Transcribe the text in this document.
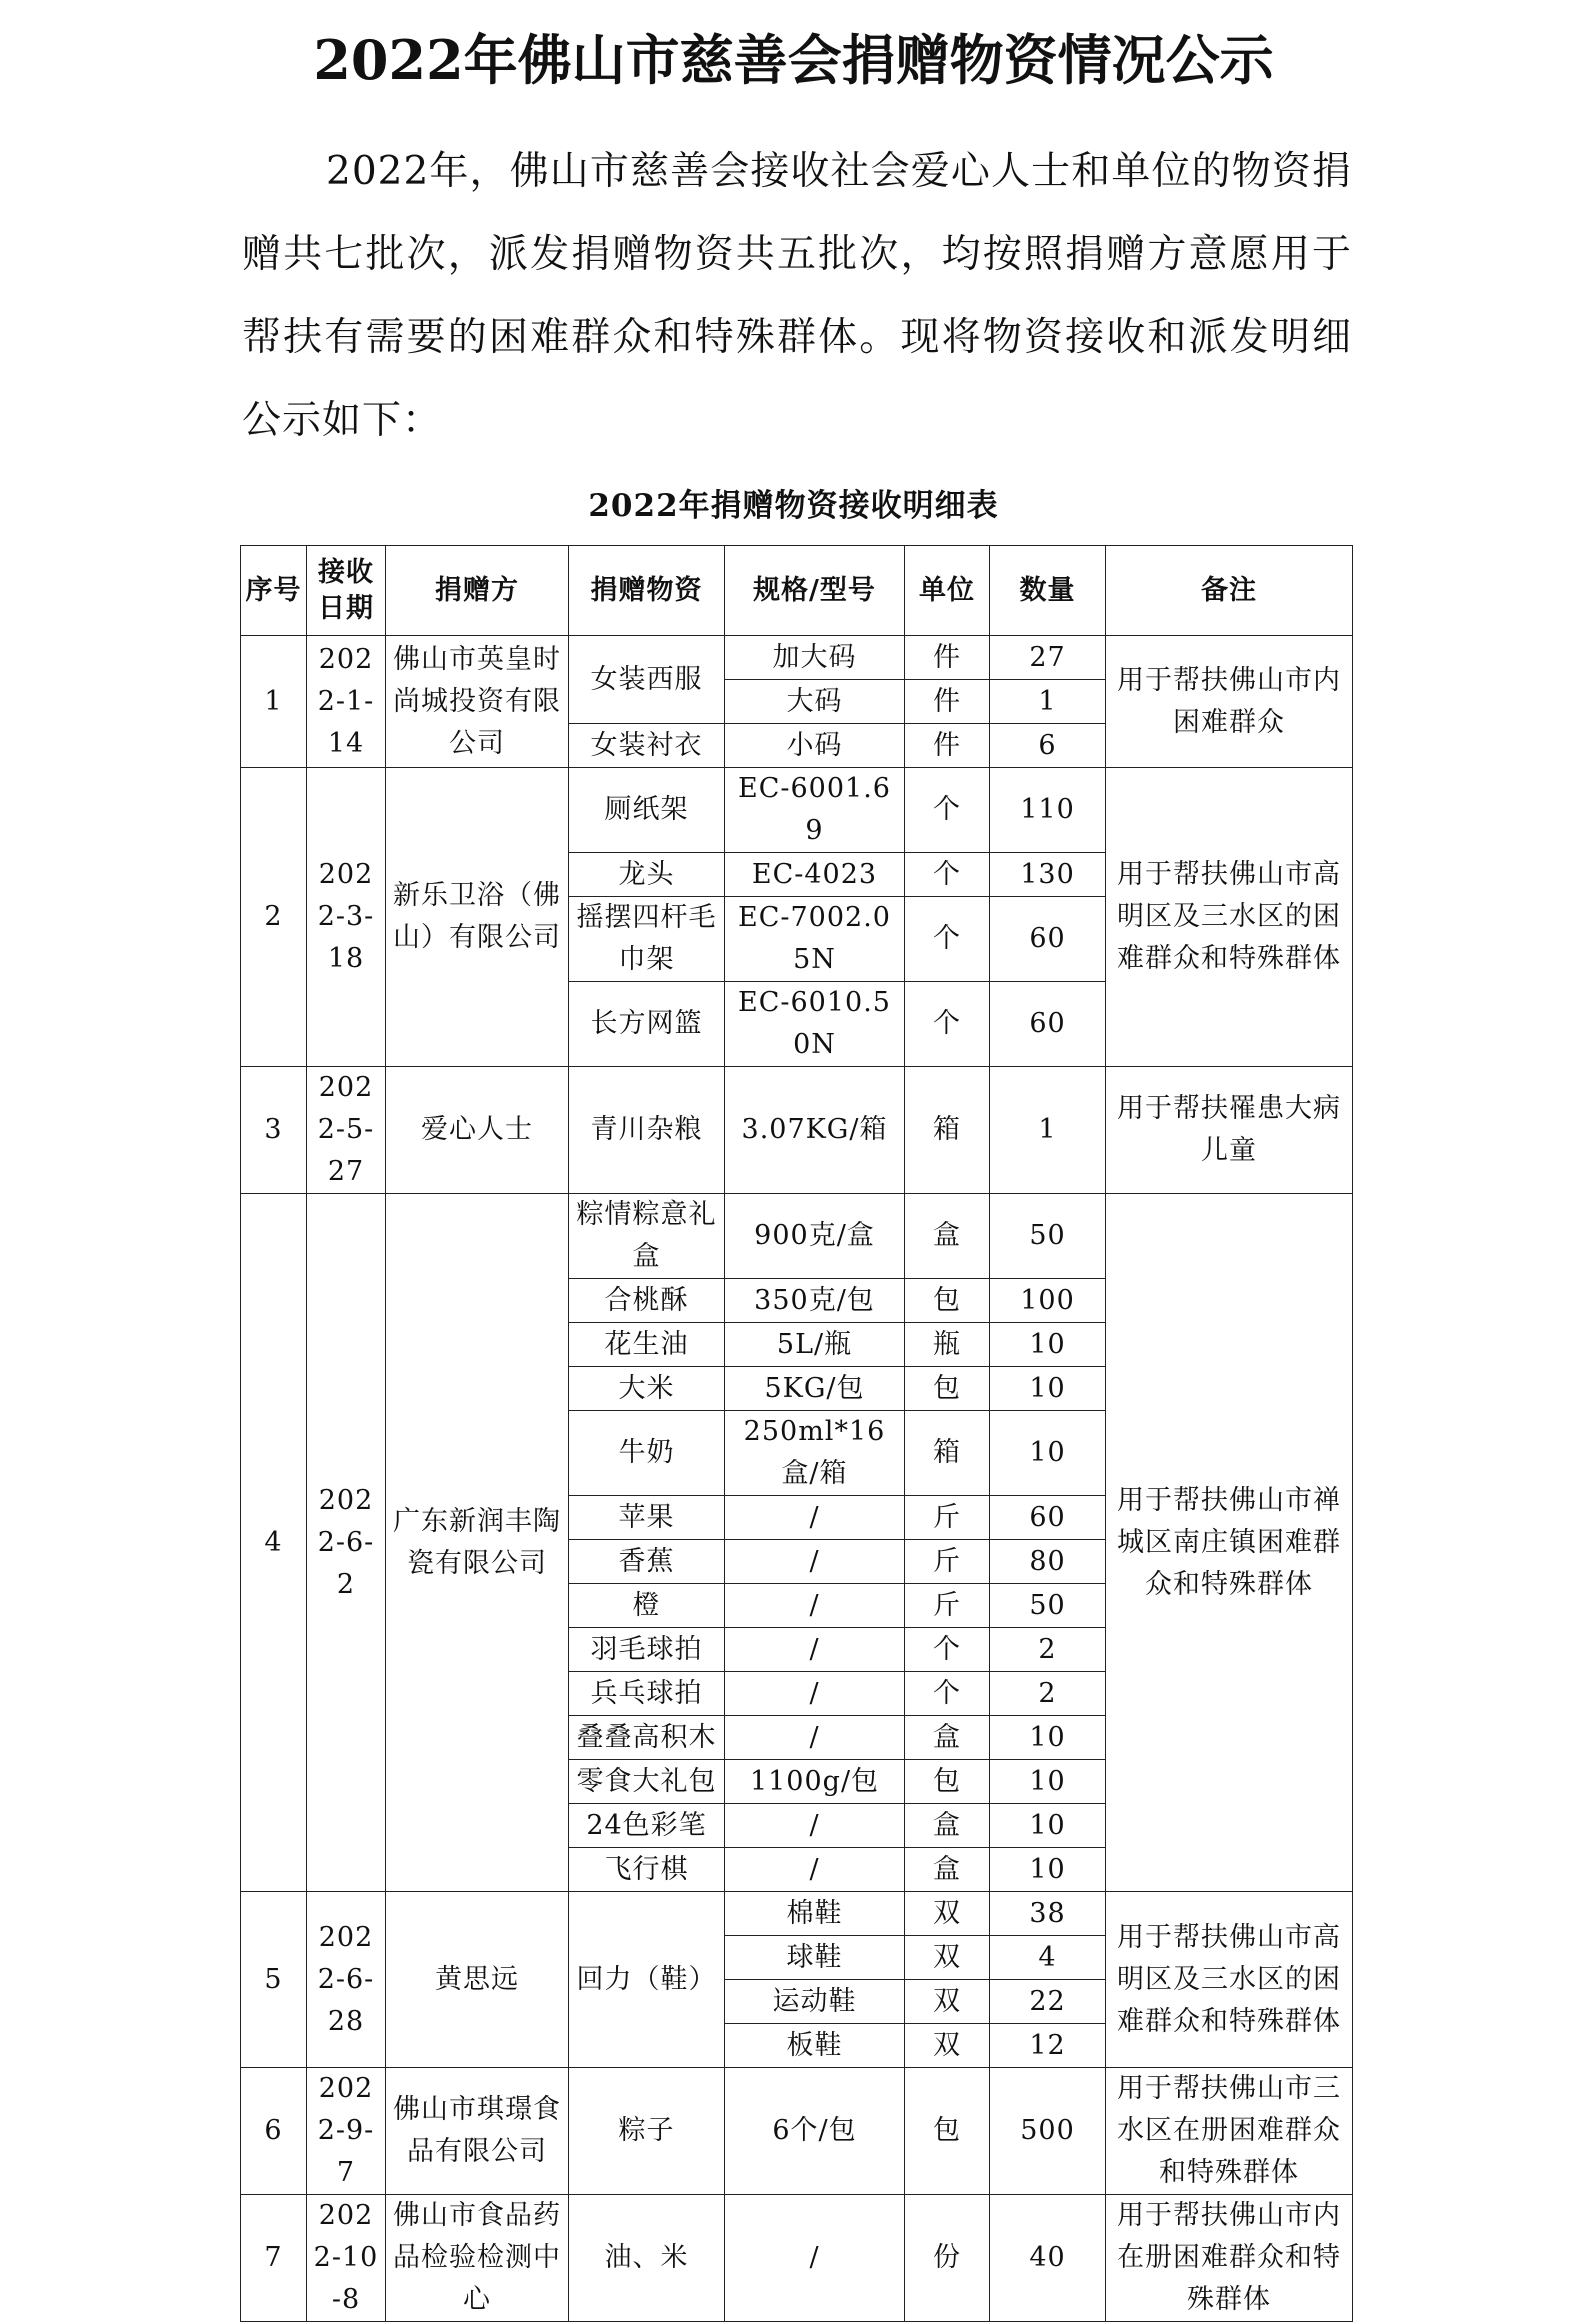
2022年佛山市慈善会捐赠物资情况公示

2022年，佛山市慈善会接收社会爱心人士和单位的物资捐赠共七批次，派发捐赠物资共五批次，均按照捐赠方意愿用于帮扶有需要的困难群众和特殊群体。现将物资接收和派发明细公示如下：

2022年捐赠物资接收明细表
序号	接收日期	捐赠方	捐赠物资	规格/型号	单位	数量	备注
1	2022-1-14	佛山市英皇时尚城投资有限公司	女装西服	加大码	件	27	用于帮扶佛山市内困难群众
				大码	件	1	
			女装衬衣	小码	件	6	
2	2022-3-18	新乐卫浴（佛山）有限公司	厕纸架	EC-6001.69	个	110	用于帮扶佛山市高明区及三水区的困难群众和特殊群体
			龙头	EC-4023	个	130	
			摇摆四杆毛巾架	EC-7002.05N	个	60	
			长方网篮	EC-6010.50N	个	60	
3	2022-5-27	爱心人士	青川杂粮	3.07KG/箱	箱	1	用于帮扶罹患大病儿童
4	2022-6-2	广东新润丰陶瓷有限公司	粽情粽意礼盒	900克/盒	盒	50	用于帮扶佛山市禅城区南庄镇困难群众和特殊群体
			合桃酥	350克/包	包	100	
			花生油	5L/瓶	瓶	10	
			大米	5KG/包	包	10	
			牛奶	250ml*16盒/箱	箱	10	
			苹果	/	斤	60	
			香蕉	/	斤	80	
			橙	/	斤	50	
			羽毛球拍	/	个	2	
			兵乓球拍	/	个	2	
			叠叠高积木	/	盒	10	
			零食大礼包	1100g/包	包	10	
			24色彩笔	/	盒	10	
			飞行棋	/	盒	10	
5	2022-6-28	黄思远	回力（鞋）	棉鞋	双	38	用于帮扶佛山市高明区及三水区的困难群众和特殊群体
				球鞋	双	4	
				运动鞋	双	22	
				板鞋	双	12	
6	2022-9-7	佛山市琪璟食品有限公司	粽子	6个/包	包	500	用于帮扶佛山市三水区在册困难群众和特殊群体
7	2022-10-8	佛山市食品药品检验检测中心	油、米	/	份	40	用于帮扶佛山市内在册困难群众和特殊群体
